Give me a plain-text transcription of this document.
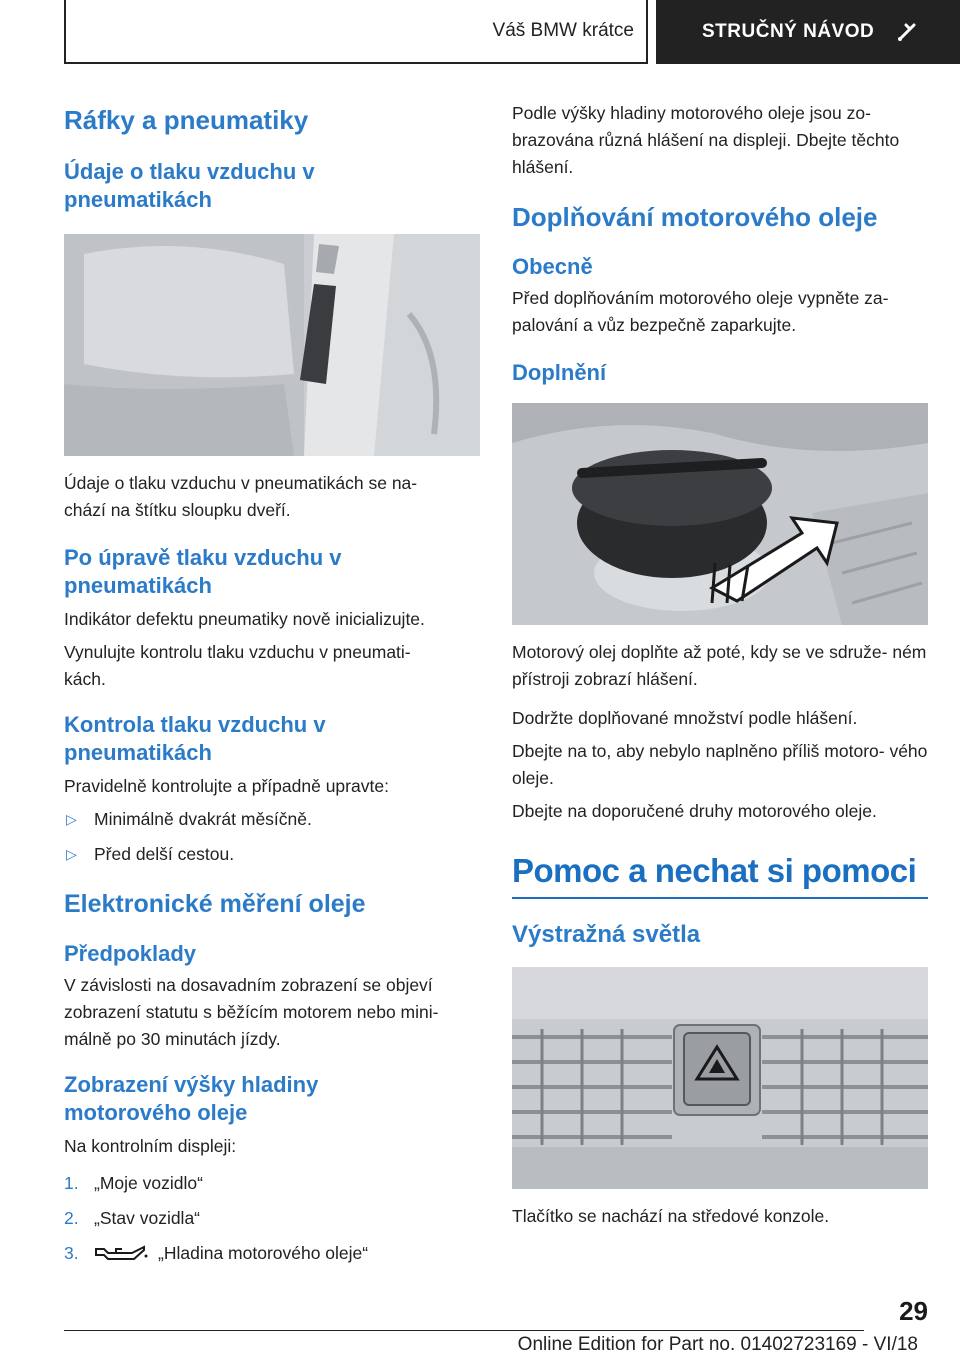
Váš BMW krátce	STRUČNÝ NÁVOD
Ráfky a pneumatiky
Údaje o tlaku vzduchu v pneumatikách

Údaje o tlaku vzduchu v pneumatikách se na- chází na štítku sloupku dveří.

Po úpravě tlaku vzduchu v pneumatikách

Indikátor defektu pneumatiky nově inicializujte.

Vynulujte kontrolu tlaku vzduchu v pneumati- kách.

Kontrola tlaku vzduchu v pneumatikách

Pravidelně kontrolujte a případně upravte:

▷ Minimálně dvakrát měsíčně.
▷ Před delší cestou.
Elektronické měření oleje
Předpoklady

V závislosti na dosavadním zobrazení se objeví zobrazení statutu s běžícím motorem nebo mini- málně po 30 minutách jízdy.

Zobrazení výšky hladiny motorového oleje

Na kontrolním displeji:

1. „Moje vozidlo“
2. „Stav vozidla“
3.	„Hladina motorového oleje“

Podle výšky hladiny motorového oleje jsou zo- brazována různá hlášení na displeji. Dbejte těchto hlášení.

Doplňování motorového oleje
Obecně

Před doplňováním motorového oleje vypněte za- palování a vůz bezpečně zaparkujte.

Doplnění

Motorový olej doplňte až poté, kdy se ve sdruže- ném přístroji zobrazí hlášení.

Dodržte doplňované množství podle hlášení.

Dbejte na to, aby nebylo naplněno příliš motoro- vého oleje.

Dbejte na doporučené druhy motorového oleje.

Pomoc a nechat si pomoci
Výstražná světla

Tlačítko se nachází na středové konzole.

29
Online Edition for Part no. 01402723169 - VI/18
